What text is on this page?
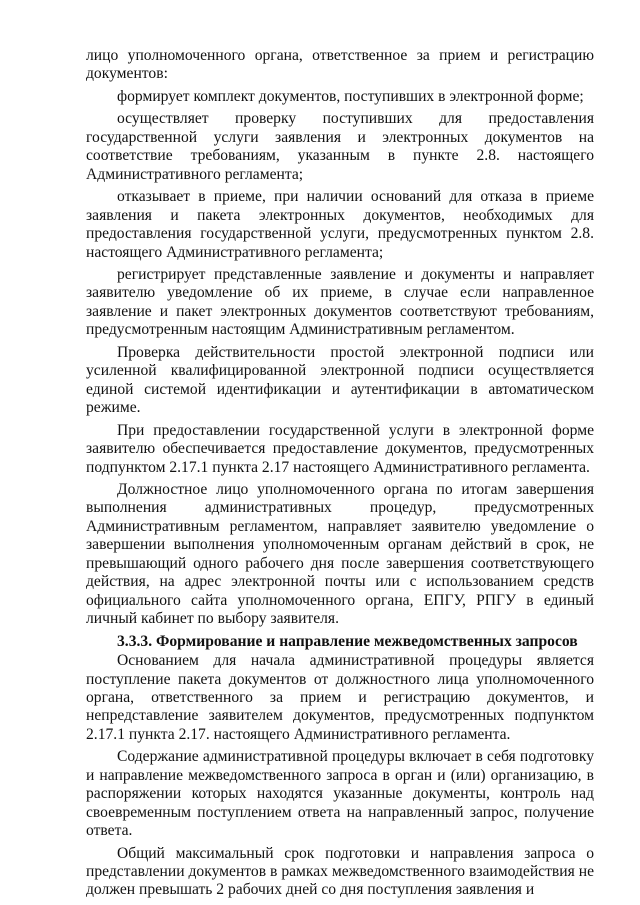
лицо уполномоченного органа, ответственное за прием и регистрацию документов:

формирует комплект документов, поступивших в электронной форме;

осуществляет проверку поступивших для предоставления государственной услуги заявления и электронных документов на соответствие требованиям, указанным в пункте 2.8. настоящего Административного регламента;

отказывает в приеме, при наличии оснований для отказа в приеме заявления и пакета электронных документов, необходимых для предоставления государственной услуги, предусмотренных пунктом 2.8. настоящего Административного регламента;

регистрирует представленные заявление и документы и направляет заявителю уведомление об их приеме, в случае если направленное заявление и пакет электронных документов соответствуют требованиям, предусмотренным настоящим Административным регламентом.

Проверка действительности простой электронной подписи или усиленной квалифицированной электронной подписи осуществляется единой системой идентификации и аутентификации в автоматическом режиме.

При предоставлении государственной услуги в электронной форме заявителю обеспечивается предоставление документов, предусмотренных подпунктом 2.17.1 пункта 2.17 настоящего Административного регламента.

Должностное лицо уполномоченного органа по итогам завершения выполнения административных процедур, предусмотренных Административным регламентом, направляет заявителю уведомление о завершении выполнения уполномоченным органам действий в срок, не превышающий одного рабочего дня после завершения соответствующего действия, на адрес электронной почты или с использованием средств официального сайта уполномоченного органа, ЕПГУ, РПГУ в единый личный кабинет по выбору заявителя.

3.3.3. Формирование и направление межведомственных запросов

Основанием для начала административной процедуры является поступление пакета документов от должностного лица уполномоченного органа, ответственного за прием и регистрацию документов, и непредставление заявителем документов, предусмотренных подпунктом 2.17.1 пункта 2.17. настоящего Административного регламента.

Содержание административной процедуры включает в себя подготовку и направление межведомственного запроса в орган и (или) организацию, в распоряжении которых находятся указанные документы, контроль над своевременным поступлением ответа на направленный запрос, получение ответа.

Общий максимальный срок подготовки и направления запроса о представлении документов в рамках межведомственного взаимодействия не должен превышать 2 рабочих дней со дня поступления заявления и
